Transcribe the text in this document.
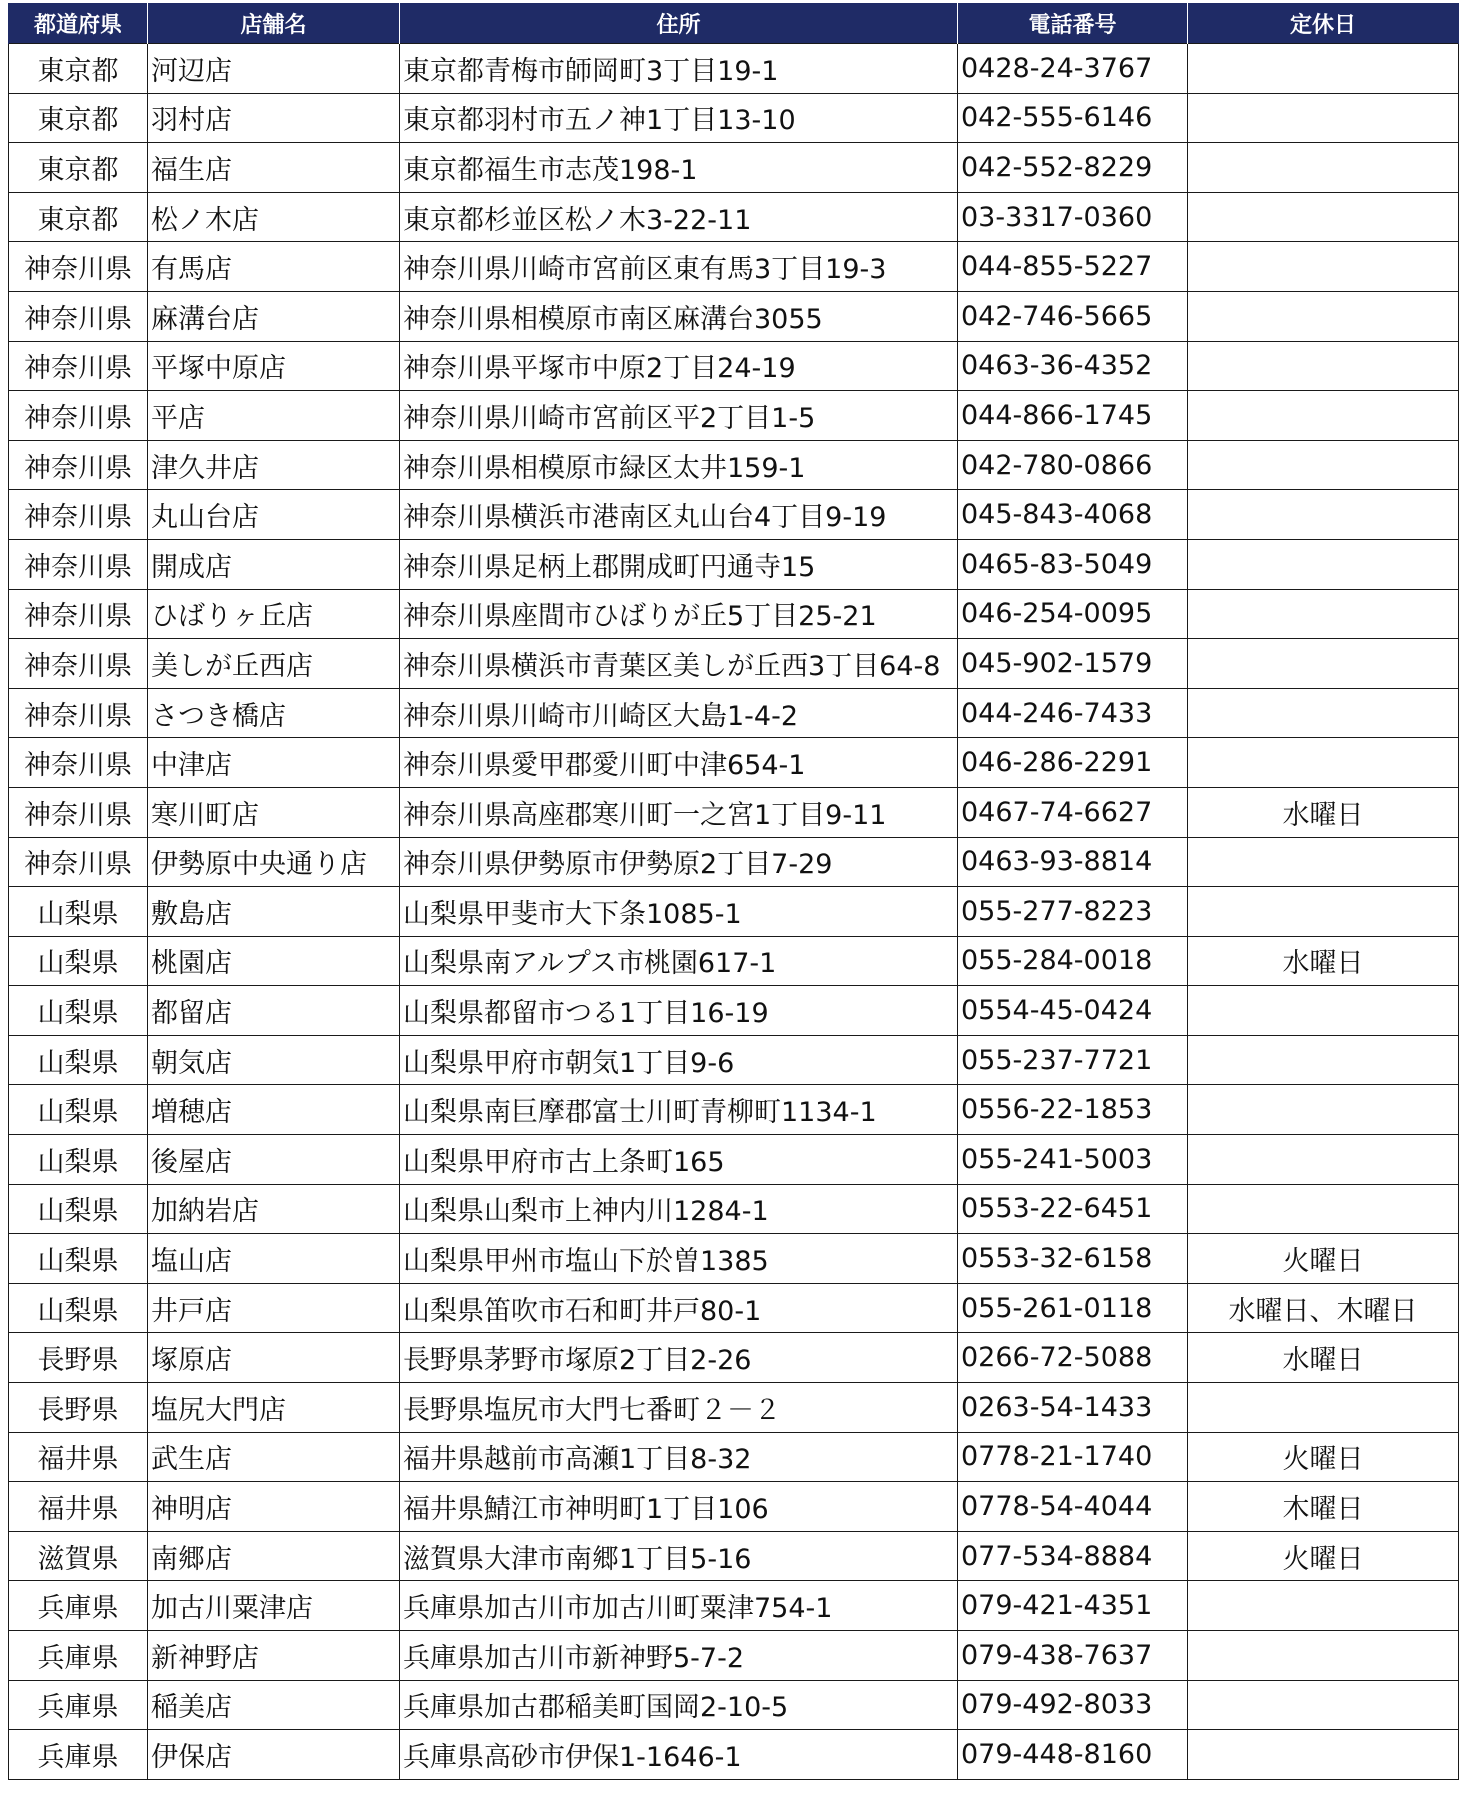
都道府県	店舗名	住所	電話番号	定休日
東京都	河辺店	東京都青梅市師岡町3丁目19-1	0428-24-3767	
東京都	羽村店	東京都羽村市五ノ神1丁目13-10	042-555-6146	
東京都	福生店	東京都福生市志茂198-1	042-552-8229	
東京都	松ノ木店	東京都杉並区松ノ木3-22-11	03-3317-0360	
神奈川県	有馬店	神奈川県川崎市宮前区東有馬3丁目19-3	044-855-5227	
神奈川県	麻溝台店	神奈川県相模原市南区麻溝台3055	042-746-5665	
神奈川県	平塚中原店	神奈川県平塚市中原2丁目24-19	0463-36-4352	
神奈川県	平店	神奈川県川崎市宮前区平2丁目1-5	044-866-1745	
神奈川県	津久井店	神奈川県相模原市緑区太井159-1	042-780-0866	
神奈川県	丸山台店	神奈川県横浜市港南区丸山台4丁目9-19	045-843-4068	
神奈川県	開成店	神奈川県足柄上郡開成町円通寺15	0465-83-5049	
神奈川県	ひばりヶ丘店	神奈川県座間市ひばりが丘5丁目25-21	046-254-0095	
神奈川県	美しが丘西店	神奈川県横浜市青葉区美しが丘西3丁目64-8	045-902-1579	
神奈川県	さつき橋店	神奈川県川崎市川崎区大島1-4-2	044-246-7433	
神奈川県	中津店	神奈川県愛甲郡愛川町中津654-1	046-286-2291	
神奈川県	寒川町店	神奈川県高座郡寒川町一之宮1丁目9-11	0467-74-6627	水曜日
神奈川県	伊勢原中央通り店	神奈川県伊勢原市伊勢原2丁目7-29	0463-93-8814	
山梨県	敷島店	山梨県甲斐市大下条1085-1	055-277-8223	
山梨県	桃園店	山梨県南アルプス市桃園617-1	055-284-0018	水曜日
山梨県	都留店	山梨県都留市つる1丁目16-19	0554-45-0424	
山梨県	朝気店	山梨県甲府市朝気1丁目9-6	055-237-7721	
山梨県	増穂店	山梨県南巨摩郡富士川町青柳町1134-1	0556-22-1853	
山梨県	後屋店	山梨県甲府市古上条町165	055-241-5003	
山梨県	加納岩店	山梨県山梨市上神内川1284-1	0553-22-6451	
山梨県	塩山店	山梨県甲州市塩山下於曽1385	0553-32-6158	火曜日
山梨県	井戸店	山梨県笛吹市石和町井戸80-1	055-261-0118	水曜日、木曜日
長野県	塚原店	長野県茅野市塚原2丁目2-26	0266-72-5088	水曜日
長野県	塩尻大門店	長野県塩尻市大門七番町２－２	0263-54-1433	
福井県	武生店	福井県越前市高瀬1丁目8-32	0778-21-1740	火曜日
福井県	神明店	福井県鯖江市神明町1丁目106	0778-54-4044	木曜日
滋賀県	南郷店	滋賀県大津市南郷1丁目5-16	077-534-8884	火曜日
兵庫県	加古川粟津店	兵庫県加古川市加古川町粟津754-1	079-421-4351	
兵庫県	新神野店	兵庫県加古川市新神野5-7-2	079-438-7637	
兵庫県	稲美店	兵庫県加古郡稲美町国岡2-10-5	079-492-8033	
兵庫県	伊保店	兵庫県高砂市伊保1-1646-1	079-448-8160	
